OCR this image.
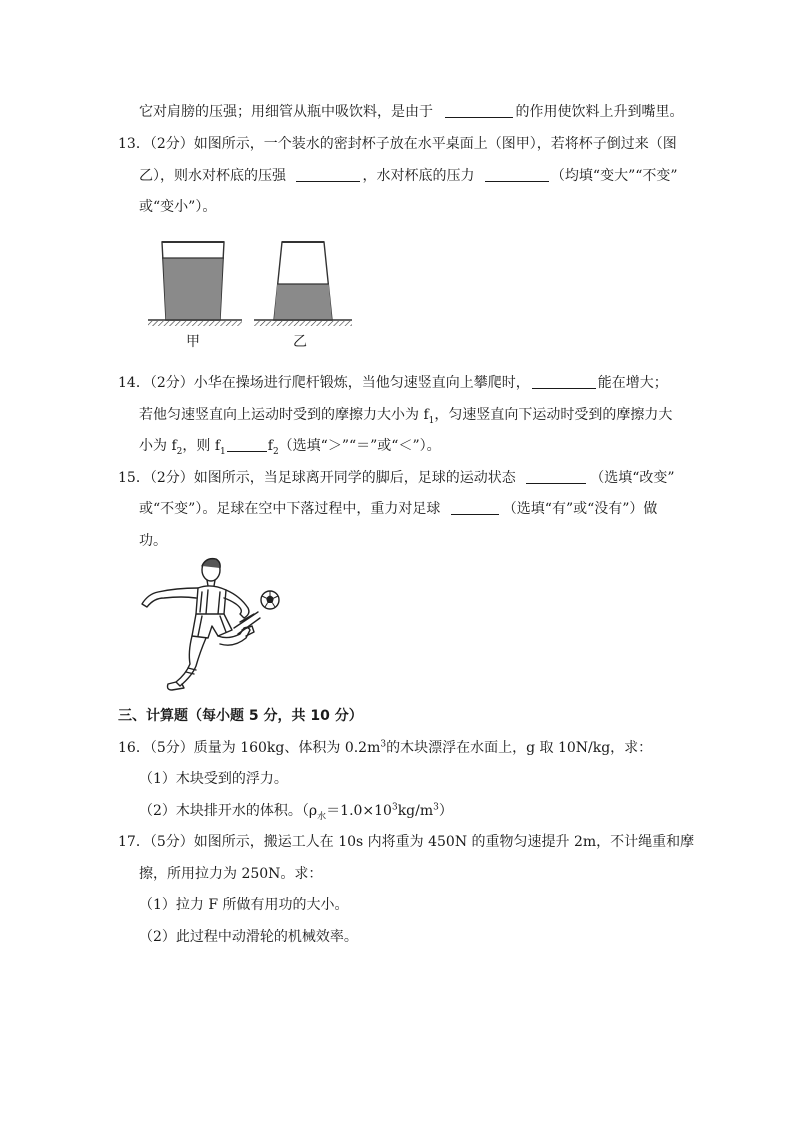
它对肩膀的压强；用细管从瓶中吸饮料，是由于	的作用使饮料上升到嘴里。
13．（2分）如图所示，一个装水的密封杯子放在水平桌面上（图甲），若将杯子倒过来（图
乙），则水对杯底的压强	，水对杯底的压力	（均填“变大”“不变”
或“变小”）。
甲	乙
14．（2分）小华在操场进行爬杆锻炼，当他匀速竖直向上攀爬时，	能在增大；
若他匀速竖直向上运动时受到的摩擦力大小为 $f_1$，匀速竖直向下运动时受到的摩擦力大
小为 $f_2$，则 $f_1$	$f_2$（选填“＞”“＝”或“＜”）。
15．（2分）如图所示，当足球离开同学的脚后，足球的运动状态	（选填“改变”
或“不变”）。足球在空中下落过程中，重力对足球	（选填“有”或“没有”）做
功。
三、计算题（每小题 5 分，共 10 分）
16．（5分）质量为 160kg、体积为 $0.2m^3$的木块漂浮在水面上，g 取 10N/kg，求：
（1）木块受到的浮力。
（2）木块排开水的体积。$(\rho_水=1.0\times 10^3kg/m^3)$
17．（5分）如图所示，搬运工人在 10s 内将重为 450N 的重物匀速提升 2m，不计绳重和摩
擦，所用拉力为 250N。求：
（1）拉力 F 所做有用功的大小。
（2）此过程中动滑轮的机械效率。
